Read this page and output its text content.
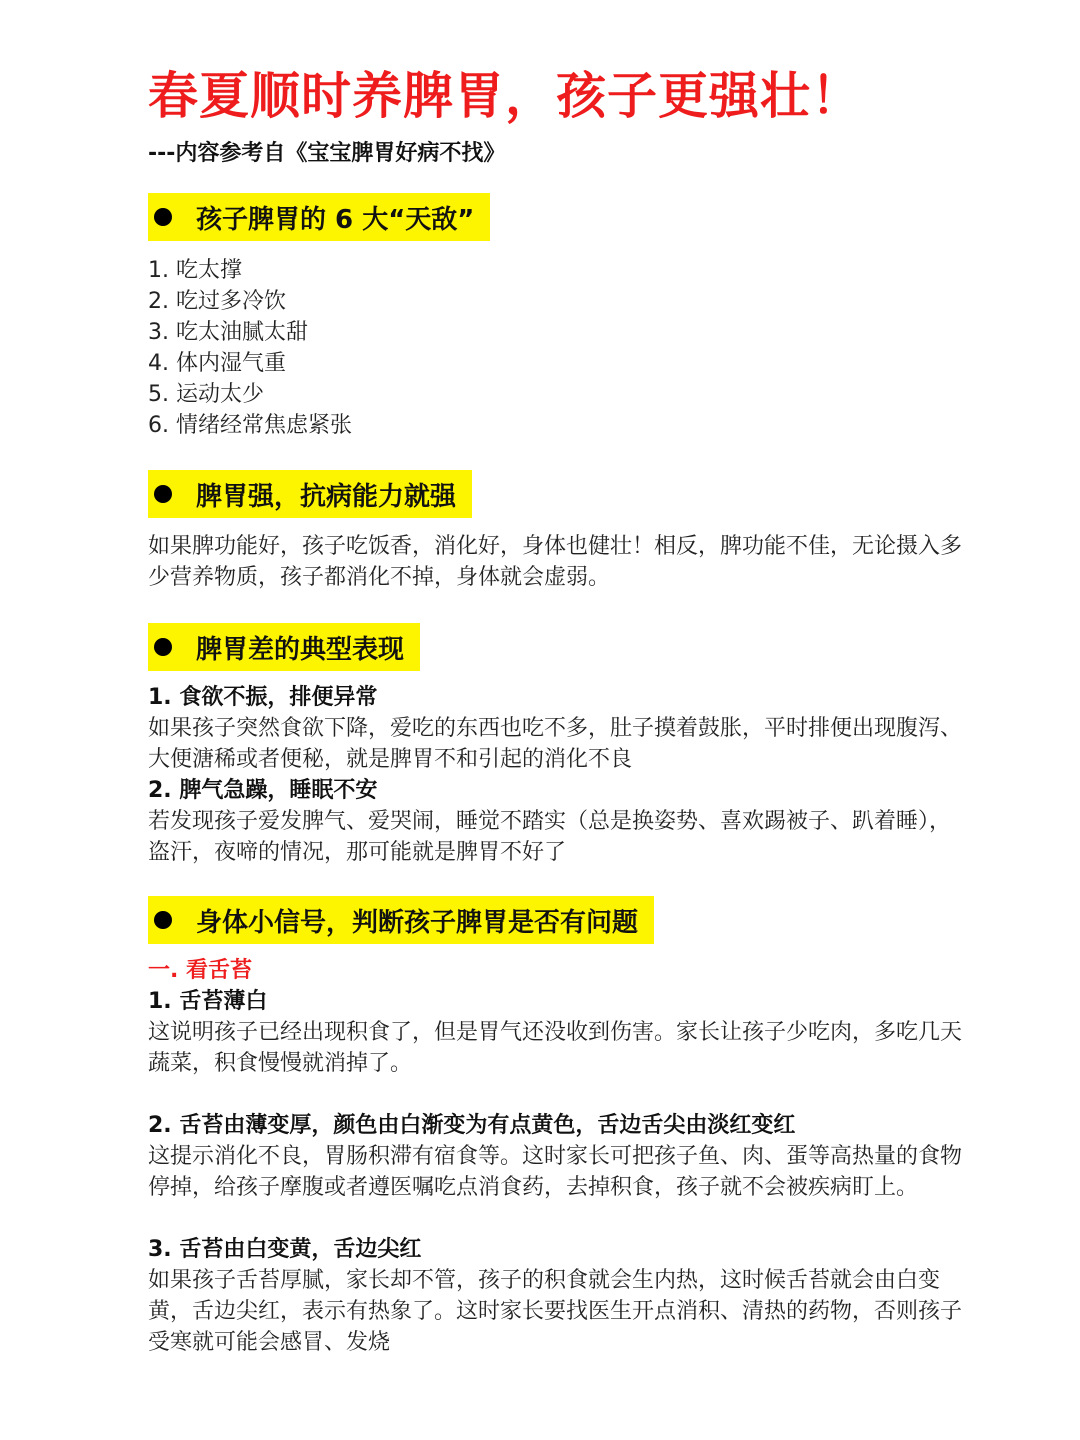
春夏顺时养脾胃，孩子更强壮！
---内容参考自《宝宝脾胃好病不找》
孩子脾胃的 6 大“天敌”

1. 吃太撑

2. 吃过多冷饮

3. 吃太油腻太甜

4. 体内湿气重

5. 运动太少

6. 情绪经常焦虑紧张

脾胃强，抗病能力就强

如果脾功能好，孩子吃饭香，消化好，身体也健壮！相反，脾功能不佳，无论摄入多少营养物质，孩子都消化不掉，身体就会虚弱。

脾胃差的典型表现

1. 食欲不振，排便异常

如果孩子突然食欲下降，爱吃的东西也吃不多，肚子摸着鼓胀，平时排便出现腹泻、大便溏稀或者便秘，就是脾胃不和引起的消化不良

2. 脾气急躁，睡眠不安

若发现孩子爱发脾气、爱哭闹，睡觉不踏实（总是换姿势、喜欢踢被子、趴着睡），盗汗，夜啼的情况，那可能就是脾胃不好了

身体小信号，判断孩子脾胃是否有问题

一. 看舌苔

1. 舌苔薄白

这说明孩子已经出现积食了，但是胃气还没收到伤害。家长让孩子少吃肉，多吃几天蔬菜，积食慢慢就消掉了。

2. 舌苔由薄变厚，颜色由白渐变为有点黄色，舌边舌尖由淡红变红

这提示消化不良，胃肠积滞有宿食等。这时家长可把孩子鱼、肉、蛋等高热量的食物停掉，给孩子摩腹或者遵医嘱吃点消食药，去掉积食，孩子就不会被疾病盯上。

3. 舌苔由白变黄，舌边尖红

如果孩子舌苔厚腻，家长却不管，孩子的积食就会生内热，这时候舌苔就会由白变黄，舌边尖红，表示有热象了。这时家长要找医生开点消积、清热的药物，否则孩子受寒就可能会感冒、发烧
